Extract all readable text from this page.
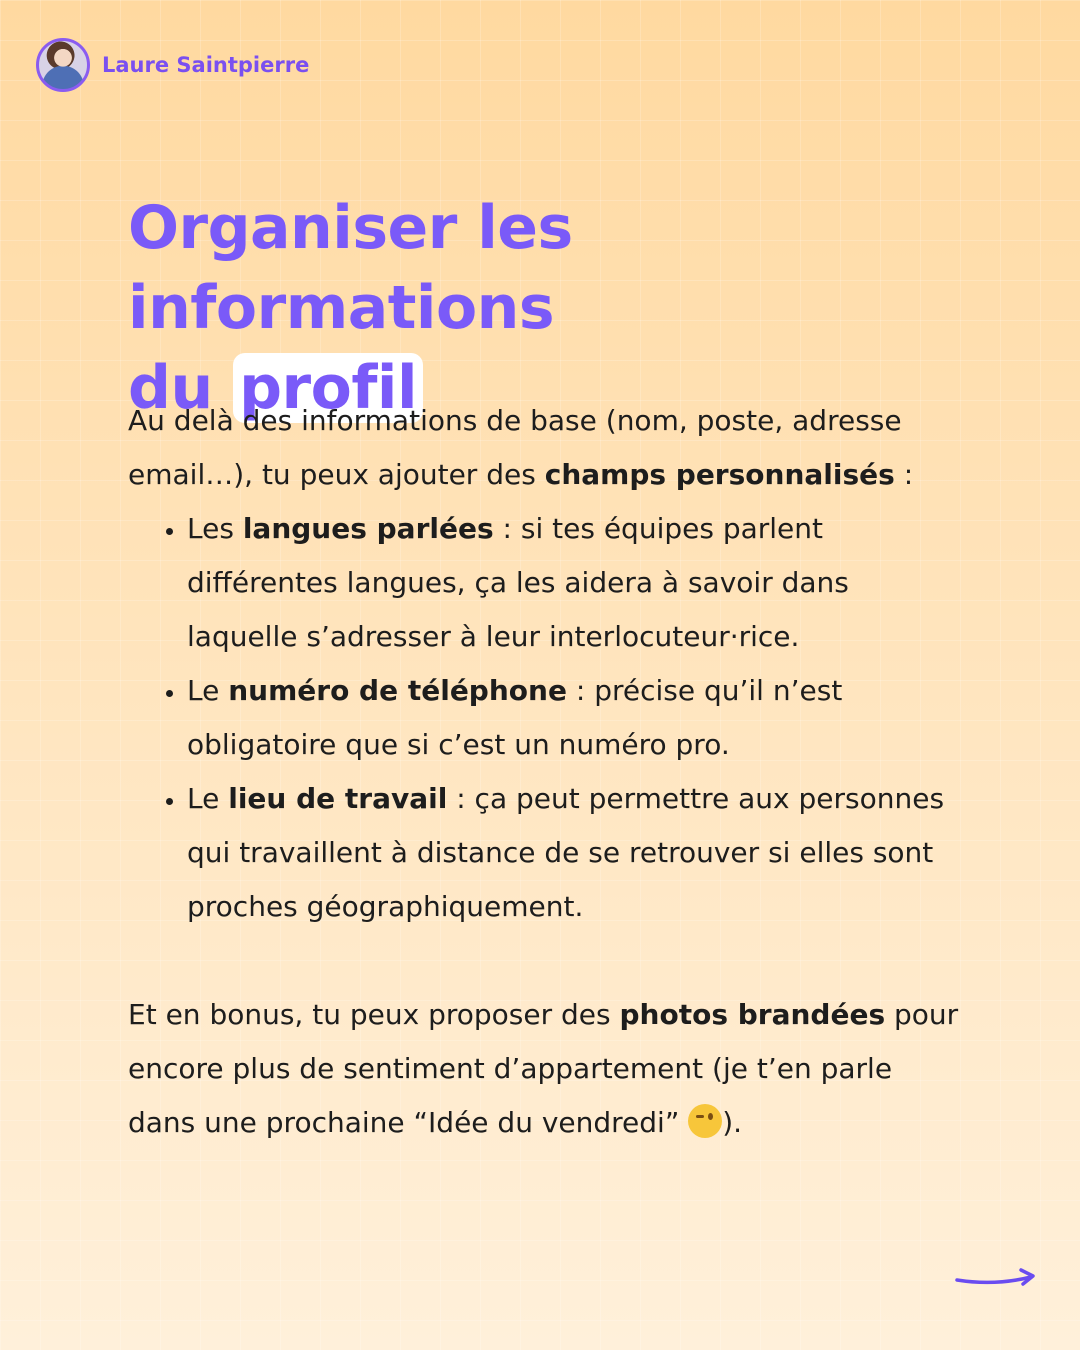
Laure Saintpierre
Organiser les informations
du profil

Au delà des informations de base (nom, poste, adresse email…), tu peux ajouter des champs personnalisés :

• Les langues parlées : si tes équipes parlent différentes langues, ça les aidera à savoir dans laquelle s’adresser à leur interlocuteur·rice.
• Le numéro de téléphone : précise qu’il n’est obligatoire que si c’est un numéro pro.
• Le lieu de travail : ça peut permettre aux personnes qui travaillent à distance de se retrouver si elles sont proches géographiquement.

Et en bonus, tu peux proposer des photos brandées pour encore plus de sentiment d’appartement (je t’en parle dans une prochaine “Idée du vendredi” ).
